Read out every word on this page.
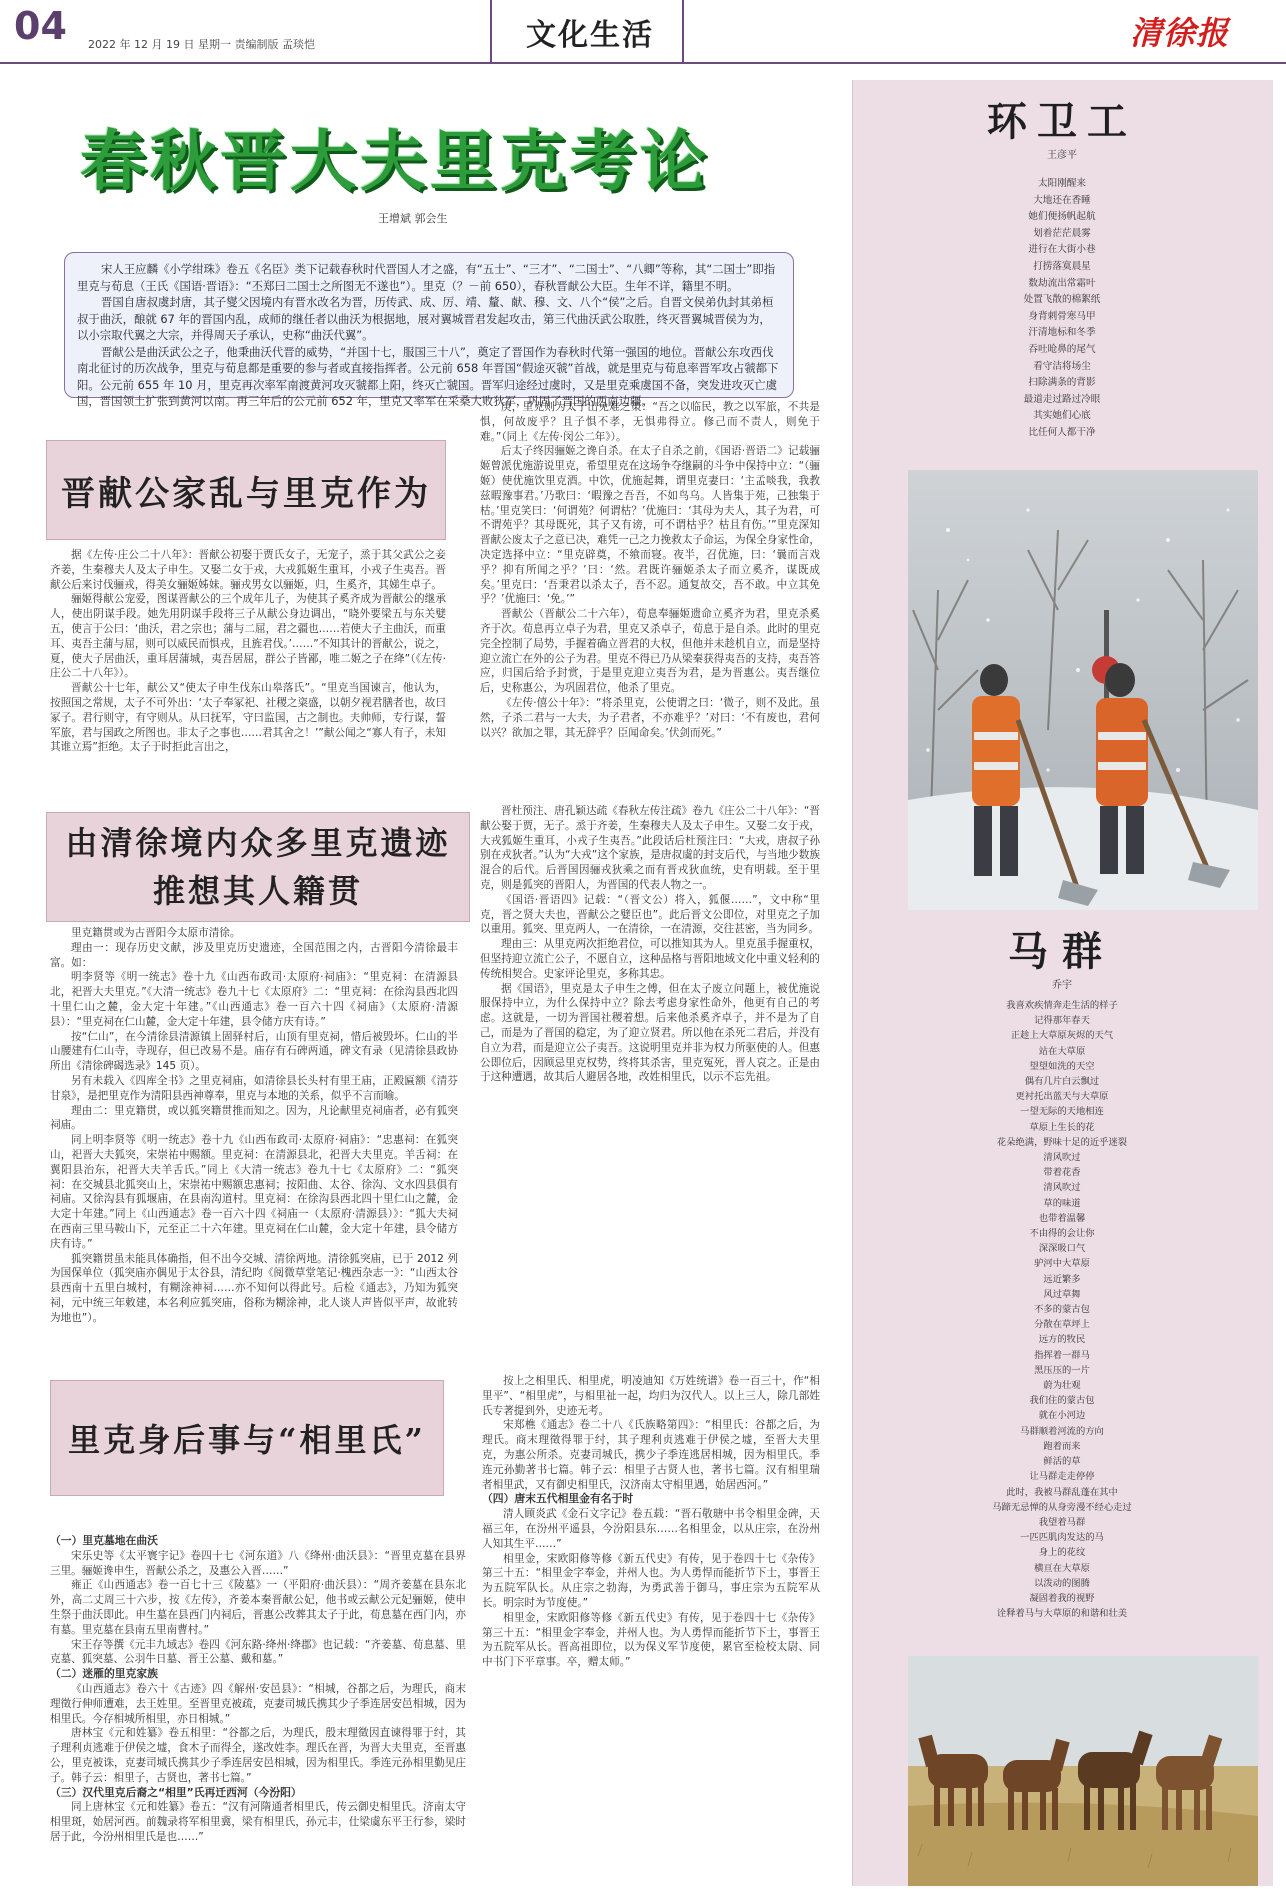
04 2022 年 12 月 19 日 星期一 责编制版 孟琰恺	文化生活	清徐报
春秋晋大夫里克考论
王增斌 郭会生

宋人王应麟《小学绀珠》卷五《名臣》类下记载春秋时代晋国人才之盛，有“五士”、“三才”、“二国士”、“八卿”等称，其“二国士”即指里克与荀息（王氏《国语·晋语》：“丕郑曰二国士之所图无不遂也”）。里克（？－前 650），春秋晋献公大臣。生年不详，籍里不明。

晋国自唐叔虞封唐，其子燮父因境内有晋水改名为晋，历传武、成、厉、靖、釐、献、穆、文、八个“侯”之后。自晋文侯弟仇封其弟桓叔于曲沃，酿就 67 年的晋国内乱，成师的继任者以曲沃为根据地，展对翼城晋君发起攻击，第三代曲沃武公取胜，终灭晋翼城晋侯为为，以小宗取代翼之大宗，并得周天子承认，史称“曲沃代翼”。

晋献公是曲沃武公之子，他秉曲沃代晋的威势，“并国十七，服国三十八”，奠定了晋国作为春秋时代第一强国的地位。晋献公东攻西伐南北征讨的历次战争，里克与荀息都是重要的参与者或直接指挥者。公元前 658 年晋国“假途灭虢”首战，就是里克与荀息率晋军攻占虢都下阳。公元前 655 年 10 月，里克再次率军南渡黄河攻灭虢都上阳，终灭亡虢国。晋军归途经过虞时，又是里克乘虞国不备，突发进攻灭亡虞国，晋国领土扩张到黄河以南。再三年后的公元前 652 年，里克又率军在采桑大败狄军，巩固了晋国的西南边疆。

晋献公家乱与里克作为

据《左传·庄公二十八年》：晋献公初娶于贾氏女子，无宠子，烝于其父武公之妾齐姜，生秦穆夫人及太子申生。又娶二女于戎，大戎狐姬生重耳，小戎子生夷吾。晋献公后来讨伐骊戎，得美女骊姬姊妹。骊戎男女以骊姬，归，生奚齐，其娣生卓子。

骊姬得献公宠爱，图谋晋献公的三个成年儿子，为使其子奚齐成为晋献公的继承人，使出阴谋手段。她先用阴谋手段将三子从献公身边调出，“晓外要梁五与东关嬖五，使言于公曰：‘曲沃，君之宗也；蒲与二屈，君之疆也……若使大子主曲沃，而重耳、夷吾主蒲与屈，则可以威民而惧戎，且旌君伐。’……”不知其计的晋献公，说之，夏，使大子居曲沃，重耳居蒲城，夷吾居屈，群公子皆鄙，唯二姬之子在绛”（《左传·庄公二十八年》）。

晋献公十七年，献公又“使太子申生伐东山皋落氏”。“里克当国谏言，他认为，按照国之常规，太子不可外出：‘太子奉冢祀、社稷之粢盛，以朝夕视君膳者也，故曰冢子。君行则守，有守则从。从曰抚军，守曰监国，古之制也。夫帅师，专行谋，誓军旅，君与国政之所图也。非太子之事也……君其舍之！’”献公闻之“寡人有子，未知其谁立焉”拒绝。太子于时拒此言出之，

庚，里克则为太子出免难之策：“吾之以临民，教之以军旅，不共是惧，何故废乎？且子惧不孝，无惧弗得立。修己而不责人，则免于难。”（同上《左传·闵公二年》）。

后太子终因骊姬之谗自杀。在太子自杀之前，《国语·晋语二》记载骊姬曾派优施游说里克，希望里克在这场争夺继嗣的斗争中保持中立：“（骊姬）使优施饮里克酒。中饮，优施起舞，谓里克妻曰：‘主孟啖我，我教兹暇豫事君。’乃歌曰：‘暇豫之吾吾，不如鸟乌。人皆集于苑，己独集于枯。’里克笑曰：‘何谓苑？何谓枯？’优施曰：‘其母为夫人，其子为君，可不谓苑乎？其母既死，其子又有谤，可不谓枯乎？枯且有伤。’”里克深知晋献公废太子之意已决，难凭一己之力挽救太子命运，为保全身家性命，决定选择中立：“里克辟奠，不飨而寝。夜半，召优施，曰：‘曩而言戏乎？抑有所闻之乎？’曰：‘然。君既许骊姬杀太子而立奚齐，谋既成矣。’里克曰：‘吾秉君以杀太子，吾不忍。通复故交，吾不敢。中立其免乎？’优施曰：‘免。’”

晋献公（晋献公二十六年），荀息奉骊姬遗命立奚齐为君，里克杀奚齐于次。荀息再立卓子为君，里克又杀卓子，荀息于是自杀。此时的里克完全控制了局势，手握着确立晋君的大权，但他并未趁机自立，而是坚持迎立流亡在外的公子为君。里克不得已乃从梁秦获得夷吾的支持，夷吾答应，归国后给予封赏，于是里克迎立夷吾为君，是为晋惠公。夷吾继位后，史称惠公，为巩固君位，他杀了里克。

《左传·僖公十年》：“将杀里克，公使谓之曰：‘微子，则不及此。虽然，子杀二君与一大夫，为子君者，不亦难乎？’对曰：‘不有废也，君何以兴？欲加之罪，其无辞乎？臣闻命矣。’伏剑而死。”

由清徐境内众多里克遗迹
推想其人籍贯

里克籍贯或为古晋阳今太原市清徐。

理由一：现存历史文献，涉及里克历史遗迹，全国范围之内，古晋阳今清徐最丰富。如：

明李贤等《明一统志》卷十九《山西布政司·太原府·祠庙》：“里克祠：在清源县北，祀晋大夫里克。”《大清一统志》卷九十七《太原府》二：“里克祠：在徐沟县西北四十里仁山之麓，金大定十年建。”《山西通志》卷一百六十四《祠庙》（太原府·清源县）：“里克祠在仁山麓，金大定十年建，县令储方庆有诗。”

按“仁山”，在今清徐县清源镇上固驿村后，山顶有里克祠，惜后被毁坏。仁山的半山腰建有仁山寺，寺现存，但已改易不是。庙存有石碑两通，碑文有录（见清徐县政协所出《清徐碑碣选录》145 页）。

另有未载入《四库全书》之里克祠庙，如清徐县长头村有里王庙，正殿匾额《清芬甘泉》，是把里克作为清阳县西神尊奉，里克与本地的关系，似乎不言而喻。

理由二：里克籍贯，或以狐突籍贯推而知之。因为，凡论献里克祠庙者，必有狐突祠庙。

同上明李贤等《明一统志》卷十九《山西布政司·太原府·祠庙》：“忠惠祠：在狐突山，祀晋大夫狐突，宋崇祐中赐额。里克祠：在清源县北，祀晋大夫里克。羊舌祠：在翼阳县治东，祀晋大夫羊舌氏。”同上《大清一统志》卷九十七《太原府》二：“狐突祠：在交城县北狐突山上，宋崇祐中赐额忠惠祠；按阳曲、太谷、徐沟、文水四县俱有祠庙。又徐沟县有狐堰庙，在县南沟道村。里克祠：在徐沟县西北四十里仁山之麓，金大定十年建。”同上《山西通志》卷一百六十四《祠庙一（太原府·清源县）》：“狐大夫祠在西南三里马鞍山下，元至正二十六年建。里克祠在仁山麓，金大定十年建，县令储方庆有诗。”

狐突籍贯虽未能具体确指，但不出今交城、清徐两地。清徐狐突庙，已于 2012 列为国保单位（狐突庙亦偶见于太谷县，清纪昀《阅微草堂笔记·槐西杂志一》：“山西太谷县西南十五里白城村，有糊涂神祠……亦不知何以得此号。后检《通志》，乃知为狐突祠，元中统三年敕建，本名利应狐突庙，俗称为糊涂神，北人谈人声皆似平声，故讹转为地也”）。

晋杜预注、唐孔颖达疏《春秋左传注疏》卷九《庄公二十八年》：“晋献公娶于贾，无子。烝于齐姜，生秦穆夫人及太子申生。又娶二女于戎，大戎狐姬生重耳，小戎子生夷吾。”此段话后杜预注曰：“大戎，唐叔子孙别在戎狄者。”认为“大戎”这个家族，是唐叔虞的封支后代，与当地少数族混合的后代。后晋国因骊戎狄乘之而有晋戎狄血统，史有明载。至于里克，则是狐突的晋阳人，为晋国的代表人物之一。

《国语·晋语四》记载：“（晋文公）将入，狐偃……”，文中称“里克，晋之贤大夫也，晋献公之嬖臣也”。此后晋文公即位，对里克之子加以重用。狐突、里克两人，一在清徐，一在清源，交往甚密，当为同乡。

理由三：从里克两次拒绝君位，可以推知其为人。里克虽手握重权，但坚持迎立流亡公子，不愿自立，这种品格与晋阳地域文化中重义轻利的传统相契合。史家评论里克，多称其忠。

据《国语》，里克是太子申生之傅，但在太子废立问题上，被优施说服保持中立，为什么保持中立？除去考虑身家性命外，他更有自己的考虑。这就是，一切为晋国社稷着想。后来他杀奚齐卓子，并不是为了自己，而是为了晋国的稳定，为了迎立贤君。所以他在杀死二君后，并没有自立为君，而是迎立公子夷吾。这说明里克并非为权力所驱使的人。但惠公即位后，因顾忌里克权势，终将其杀害，里克冤死，晋人哀之。正是由于这种遭遇，故其后人避居各地，改姓相里氏，以示不忘先祖。

里克身后事与“相里氏”
（一）里克墓地在曲沃

宋乐史等《太平寰宇记》卷四十七《河东道》八《绛州·曲沃县》：“晋里克墓在县界三里。骊姬谗申生，晋献公杀之，及惠公入晋……”

雍正《山西通志》卷一百七十三《陵墓》一（平阳府·曲沃县）：“周齐姜墓在县东北外，高二丈周三十六步，按《左传》，齐姜本秦晋献公妃，他书或云献公元妃骊姬，使申生祭于曲沃即此。申生墓在县西门内祠后，晋惠公改葬其太子于此，荀息墓在西门内，亦有墓。里克墓在县南五里南曹村。”

宋王存等撰《元丰九域志》卷四《河东路·绛州·绛郡》也记载：“齐姜墓、荀息墓、里克墓、狐突墓、公羽牛日墓、晋王公墓、戴和墓。”

（二）迷雁的里克家族

《山西通志》卷六十《古迹》四《解州·安邑县》：“相城，谷都之后，为理氏，商末理徵行伸师遭难，去王姓里。至晋里克被疏，克妻司城氏携其少子季连居安邑相城，因为相里氏。今存相城所相里，亦日相城。”

唐林宝《元和姓纂》卷五相里：“谷都之后，为理氏，殷末理徵因直谏得罪于纣，其子理利贞逃难于伊侯之墟，食木子而得全，遂改姓李。理氏在晋，为晋大夫里克，至晋惠公，里克被诛，克妻司城氏携其少子季连居安邑相城，因为相里氏。季连元孙相里勤见庄子。韩子云：相里子，古贤也，著书七篇。”

（三）汉代里克后裔之“相里”氏再迁西河（今汾阳）

同上唐林宝《元和姓纂》卷五：“汉有河隋通者相里氏，传云御史相里氏。济南太守相里斑，始居河西。前魏录将军相里冀，梁有相里氏，孙元丰，仕梁虞东平王行参，梁时居于此，今汾州相里氏是也……”

按上之相里氏、相里虎，明凌迪知《万姓统谱》卷一百三十，作“相里平”、“相里虎”，与相里祉一起，均归为汉代人。以上三人，除几部姓氏专著提到外，史迹无考。

宋郑樵《通志》卷二十八《氏族略第四》：“相里氏：谷都之后，为理氏。商末理徵得罪于纣，其子理利贞逃难于伊侯之墟，至晋大夫里克，为惠公所杀。克妻司城氏，携少子季连逃居相城，因为相里氏。季连元孙勤著书七篇。韩子云：相里子古贤人也，著书七篇。汉有相里瑞者相里武，又有御史相里氏，汉济南太守相里遇，始居西河。”

（四）唐末五代相里金有名于时

清人顾炎武《金石文字记》卷五载：“晋石敬瑭中书令相里金碑，天福三年，在汾州平遥县，今汾阳县东……名相里金，以从庄宗，在汾州人知其生平……”

相里金，宋欧阳修等修《新五代史》有传，见于卷四十七《杂传》第三十五：“相里金字奉金，并州人也。为人勇悍而能折节下士，事晋王为五院军队长。从庄宗之勃海，为勇武善于御马，事庄宗为五院军从长。明宗时为节度使。”

相里金，宋欧阳修等修《新五代史》有传，见于卷四十七《杂传》第三十五：“相里金字奉金，并州人也。为人勇悍而能折节下士，事晋王为五院军从长。晋高祖即位，以为保义军节度使，累官至检校太尉、同中书门下平章事。卒，赠太师。”

环卫工
王彦平
太阳刚醒来
大地还在香睡
她们便扬帆起航
划着茫茫晨雾
进行在大街小巷
打捞落寞晨星
数劫流出常霜叶
处置飞散的棉絮纸
身背刺骨寒马甲
汗清地标和冬季
吞吐呛鼻的尾气
看守洁将场尘
扫除满条的背影
最道走过路过冷眼
其实她们心底
比任何人都干净
马群
乔宇
我喜欢疾情奔走生活的样子
记得那年春天
正趁上大草原灰烬的天气
站在大草原
望望如洗的天空
偶有几片白云飘过
更衬托出蓝天与大草原
一望无际的天地相连
草原上生长的花
花朵绝满，野味十足的近乎迷裂
清风吹过
带着花香
清风吹过
草的味道
也带着温馨
不由得的会让你
深深吸口气
驴河中大草原
远近繁多
风过草舞
不多的蒙古包
分散在草坪上
远方的牧民
指挥着一群马
黑压压的一片
蔚为壮观
我们住的蒙古包
就在小河边
马群顺着河流的方向
跑着而来
鲜活的草
让马群走走停停
此时，我被马群乱蓬在其中
马蹄无忌惮的从身旁漫不经心走过
我望着马群
一匹匹肌肉发达的马
身上的花纹
横亘在大草原
以泼动的图腾
凝固着我的视野
诠释着马与大草原的和谐和壮美
